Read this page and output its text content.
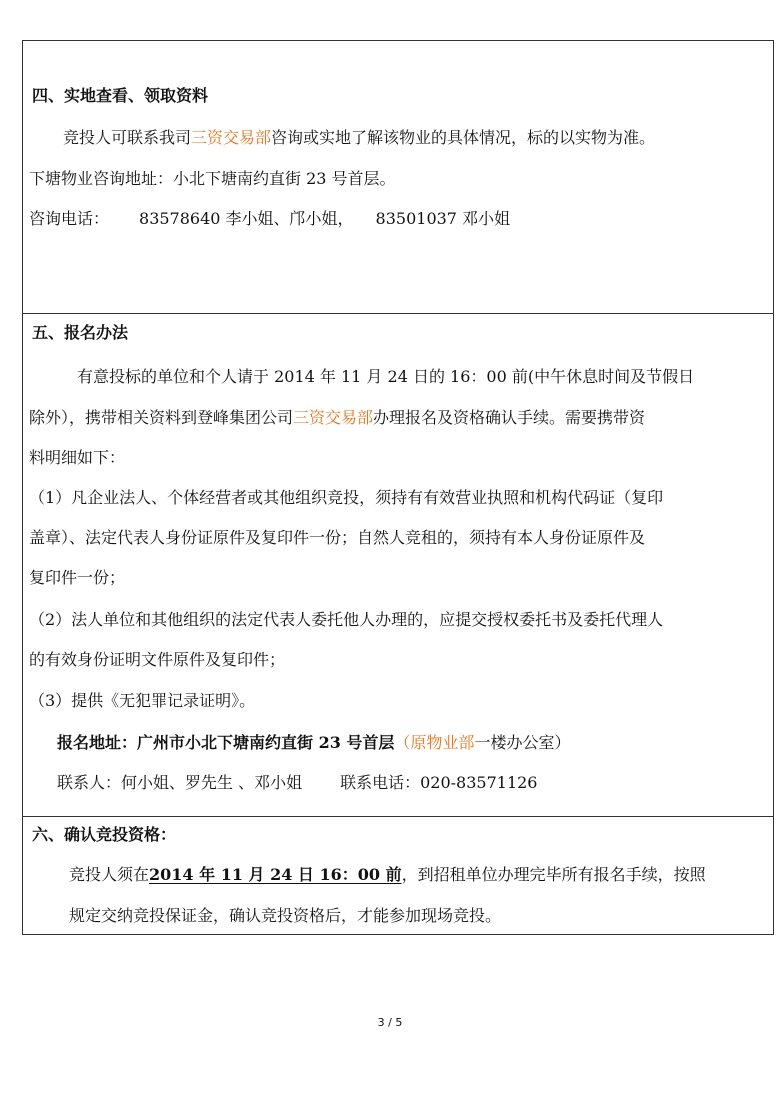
四、实地查看、领取资料
竞投人可联系我司三资交易部咨询或实地了解该物业的具体情况，标的以实物为准。
下塘物业咨询地址：小北下塘南约直街 23 号首层。
咨询电话： 83578640 李小姐、邝小姐， 83501037 邓小姐
五、报名办法
有意投标的单位和个人请于 2014 年 11 月 24 日的 16：00 前(中午休息时间及节假日
除外），携带相关资料到登峰集团公司三资交易部办理报名及资格确认手续。需要携带资
料明细如下：
（1）凡企业法人、个体经营者或其他组织竞投，须持有有效营业执照和机构代码证（复印
盖章）、法定代表人身份证原件及复印件一份；自然人竞租的，须持有本人身份证原件及
复印件一份；
（2）法人单位和其他组织的法定代表人委托他人办理的，应提交授权委托书及委托代理人
的有效身份证明文件原件及复印件；
（3）提供《无犯罪记录证明》。
报名地址：广州市小北下塘南约直街 23 号首层（原物业部一楼办公室）
联系人：何小姐、罗先生 、邓小姐 联系电话：020-83571126
六、确认竞投资格：
竞投人须在2014 年 11 月 24 日 16：00 前，到招租单位办理完毕所有报名手续，按照
规定交纳竞投保证金，确认竞投资格后，才能参加现场竞投。
3 / 5
